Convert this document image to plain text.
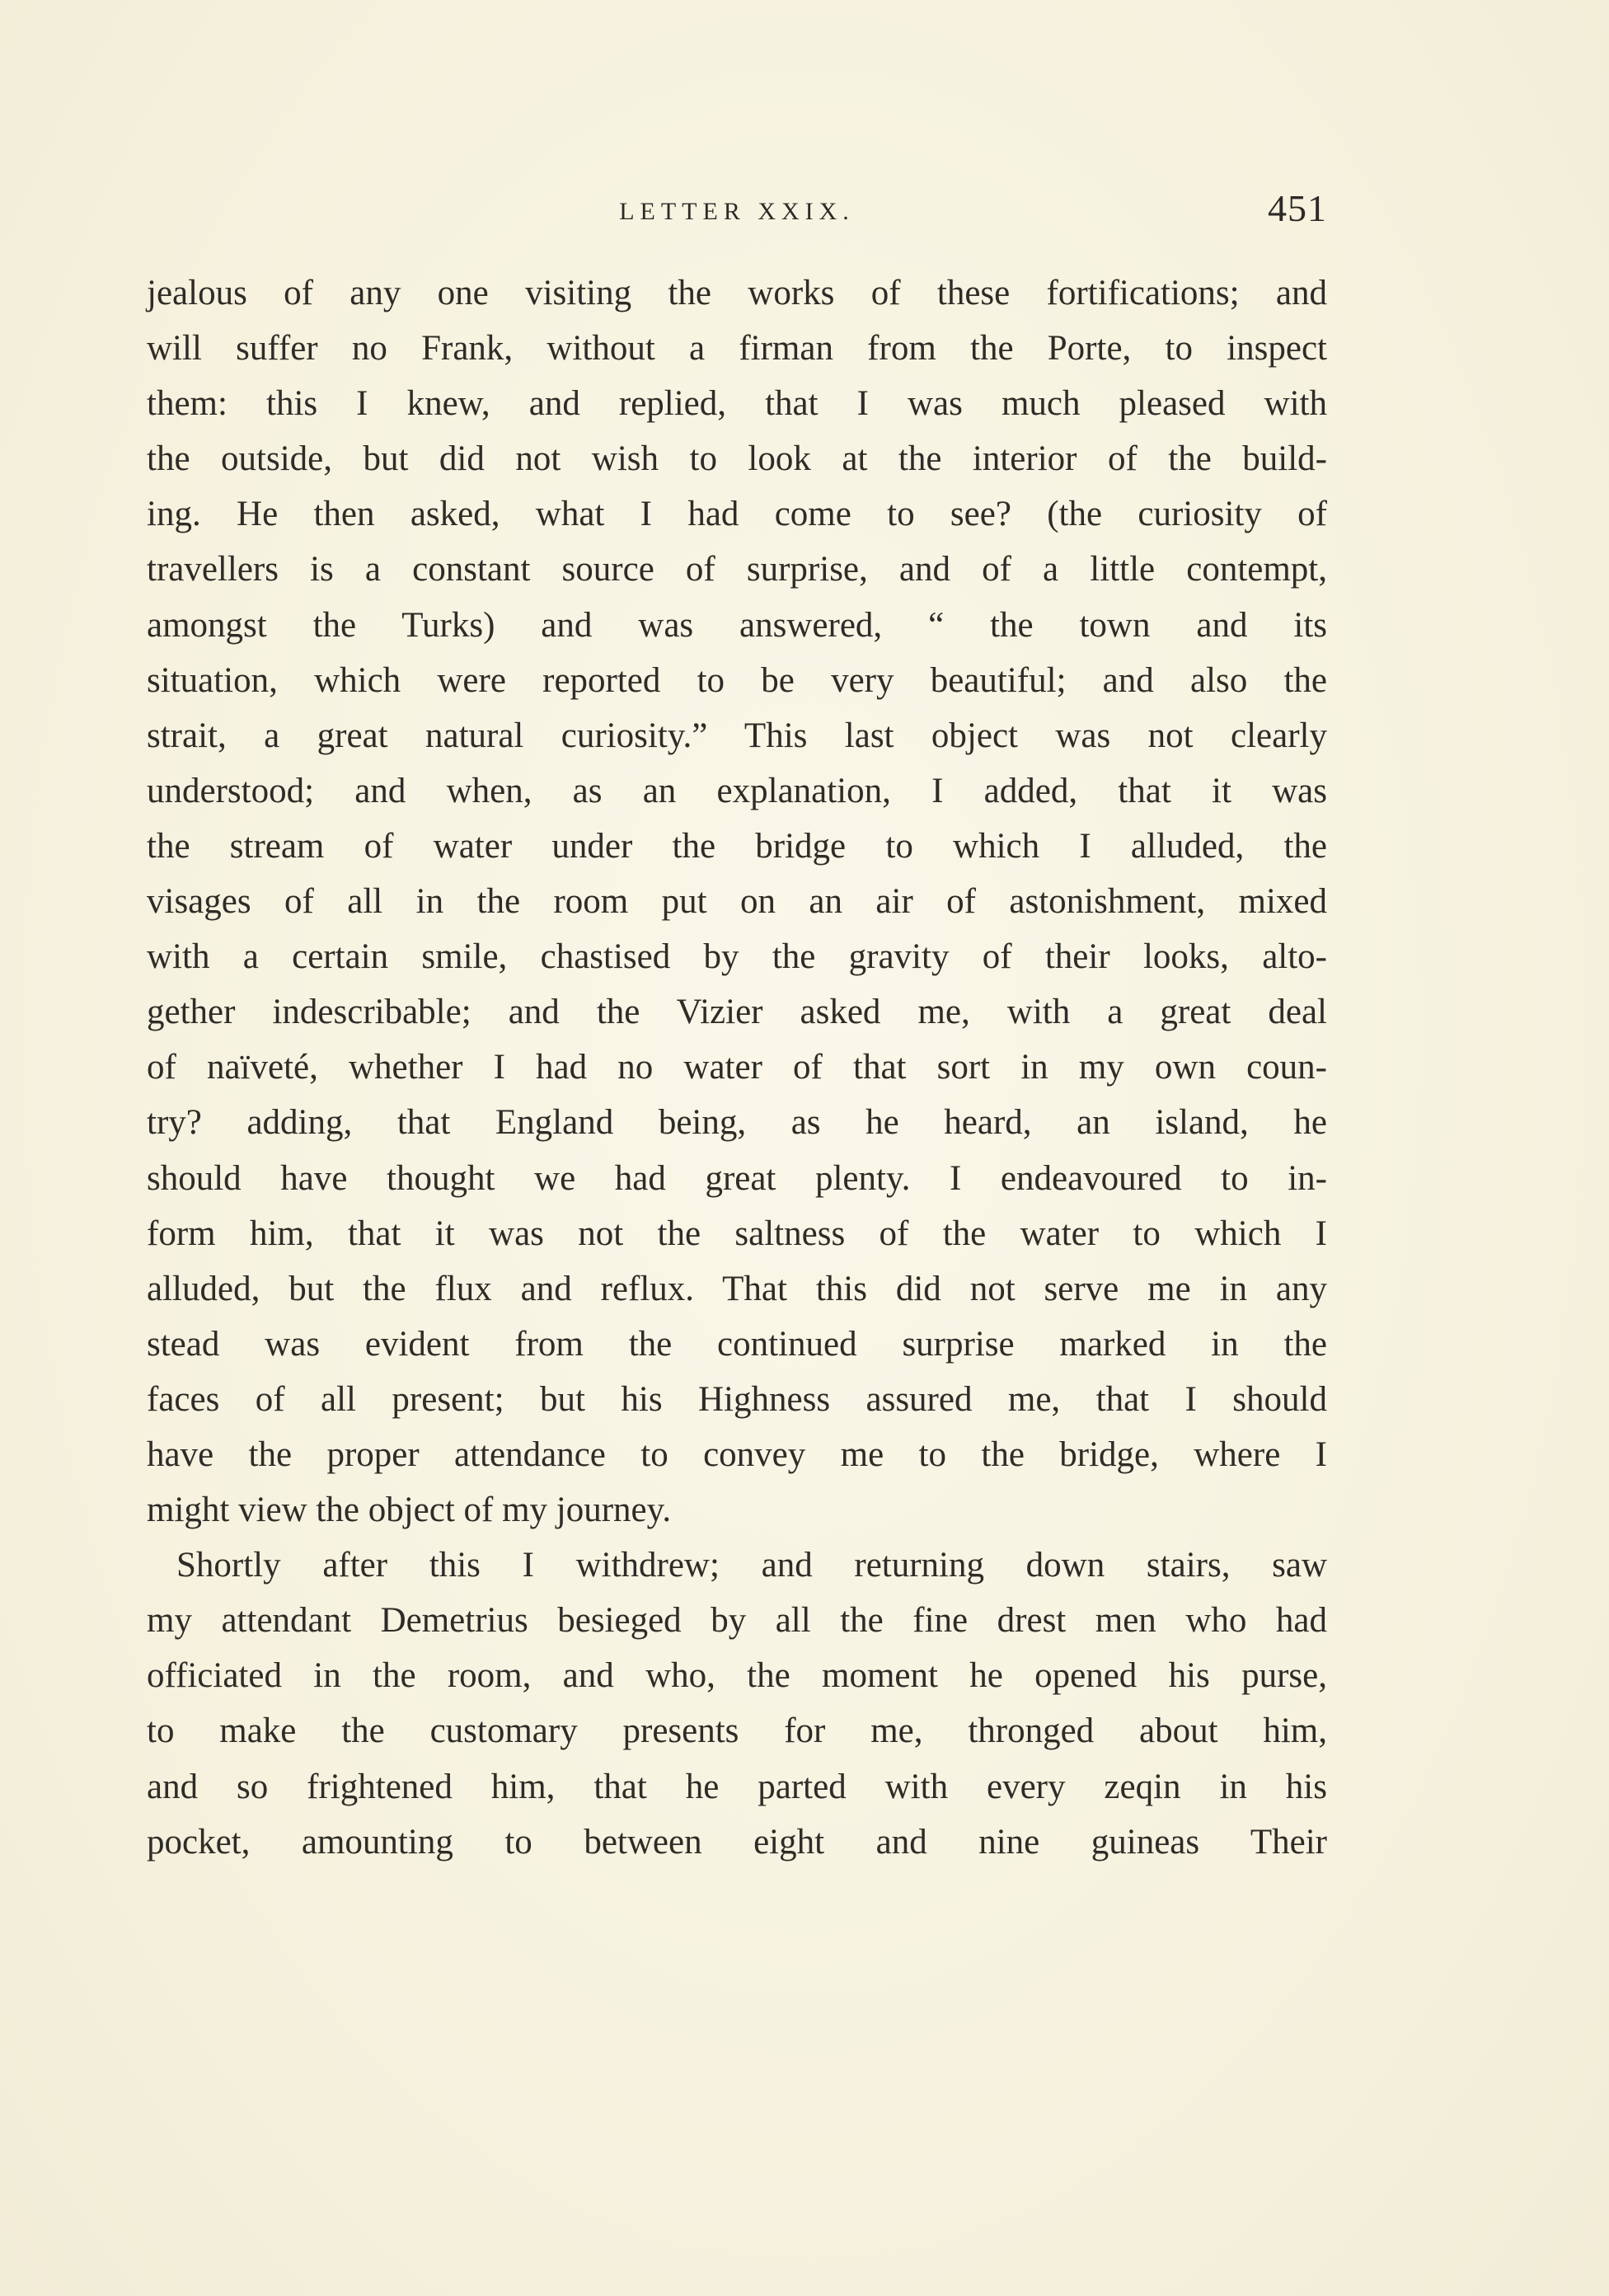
LETTER XXIX.	451
jealous of any one visiting the works of these fortifications; and
will suffer no Frank, without a firman from the Porte, to inspect
them: this I knew, and replied, that I was much pleased with
the outside, but did not wish to look at the interior of the build-
ing. He then asked, what I had come to see? (the curiosity of
travellers is a constant source of surprise, and of a little contempt,
amongst the Turks) and was answered, “ the town and its
situation, which were reported to be very beautiful; and also the
strait, a great natural curiosity.” This last object was not clearly
understood; and when, as an explanation, I added, that it was
the stream of water under the bridge to which I alluded, the
visages of all in the room put on an air of astonishment, mixed
with a certain smile, chastised by the gravity of their looks, alto-
gether indescribable; and the Vizier asked me, with a great deal
of naïveté, whether I had no water of that sort in my own coun-
try? adding, that England being, as he heard, an island, he
should have thought we had great plenty. I endeavoured to in-
form him, that it was not the saltness of the water to which I
alluded, but the flux and reflux. That this did not serve me in any
stead was evident from the continued surprise marked in the
faces of all present; but his Highness assured me, that I should
have the proper attendance to convey me to the bridge, where I
might view the object of my journey.
Shortly after this I withdrew; and returning down stairs, saw
my attendant Demetrius besieged by all the fine drest men who had
officiated in the room, and who, the moment he opened his purse,
to make the customary presents for me, thronged about him,
and so frightened him, that he parted with every zeqin in his
pocket, amounting to between eight and nine guineas Their
